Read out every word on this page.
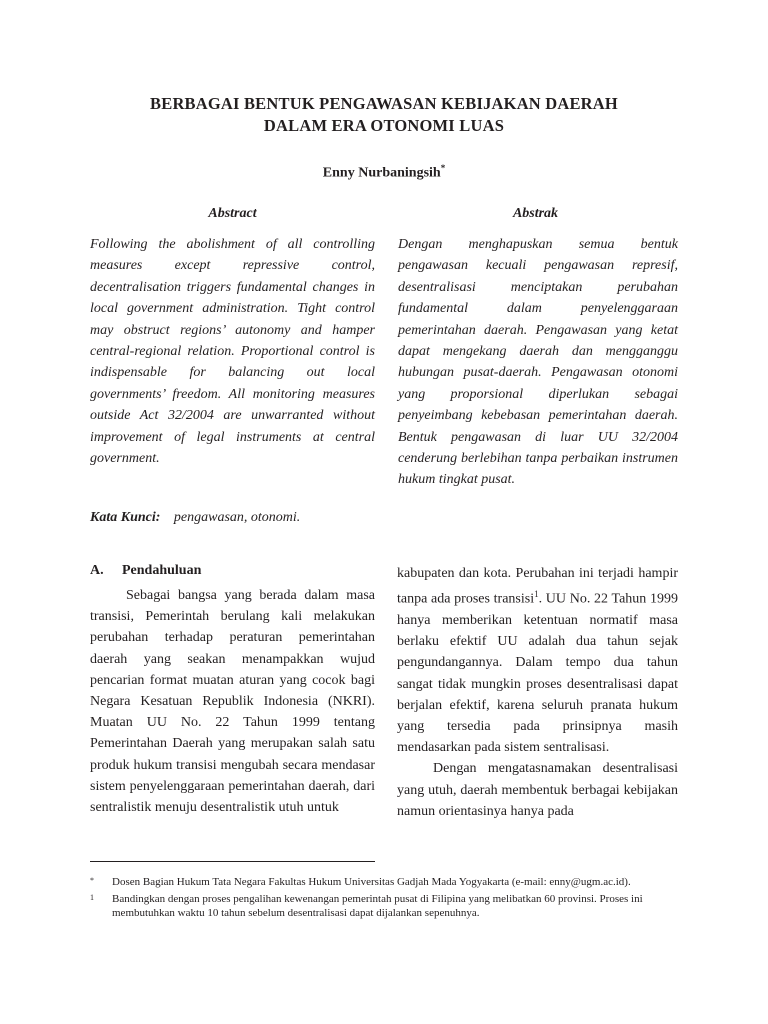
BERBAGAI BENTUK PENGAWASAN KEBIJAKAN DAERAH
DALAM ERA OTONOMI LUAS

Enny Nurbaningsih*

Abstract	Abstrak

Following the abolishment of all controlling measures except repressive control, decentralisation triggers fundamental changes in local government administration. Tight control may obstruct regions’ autonomy and hamper central-regional relation. Proportional control is indispensable for balancing out local governments’ freedom. All monitoring measures outside Act 32/2004 are unwarranted without improvement of legal instruments at central government.

Dengan menghapuskan semua bentuk pengawasan kecuali pengawasan represif, desentralisasi menciptakan perubahan fundamental dalam penyelenggaraan pemerintahan daerah. Pengawasan yang ketat dapat mengekang daerah dan mengganggu hubungan pusat-daerah. Pengawasan otonomi yang proporsional diperlukan sebagai penyeimbang kebebasan pemerintahan daerah. Bentuk pengawasan di luar UU 32/2004 cenderung berlebihan tanpa perbaikan instrumen hukum tingkat pusat.

Kata Kunci: pengawasan, otonomi.

A. Pendahuluan

Sebagai bangsa yang berada dalam masa transisi, Pemerintah berulang kali melakukan perubahan terhadap peraturan pemerintahan daerah yang seakan menampakkan wujud pencarian format muatan aturan yang cocok bagi Negara Kesatuan Republik Indonesia (NKRI). Muatan UU No. 22 Tahun 1999 tentang Pemerintahan Daerah yang merupakan salah satu produk hukum transisi mengubah secara mendasar sistem penyelenggaraan pemerintahan daerah, dari sentralistik menuju desentralistik utuh untuk

kabupaten dan kota. Perubahan ini terjadi hampir tanpa ada proses transisi$^1$. UU No. 22 Tahun 1999 hanya memberikan ketentuan normatif masa berlaku efektif UU adalah dua tahun sejak pengundangannya. Dalam tempo dua tahun sangat tidak mungkin proses desentralisasi dapat berjalan efektif, karena seluruh pranata hukum yang tersedia pada prinsipnya masih mendasarkan pada sistem sentralisasi.

Dengan mengatasnamakan desentralisasi yang utuh, daerah membentuk berbagai kebijakan namun orientasinya hanya pada

*	Dosen Bagian Hukum Tata Negara Fakultas Hukum Universitas Gadjah Mada Yogyakarta (e-mail: enny@ugm.ac.id).
1	Bandingkan dengan proses pengalihan kewenangan pemerintah pusat di Filipina yang melibatkan 60 provinsi. Proses ini membutuhkan waktu 10 tahun sebelum desentralisasi dapat dijalankan sepenuhnya.
